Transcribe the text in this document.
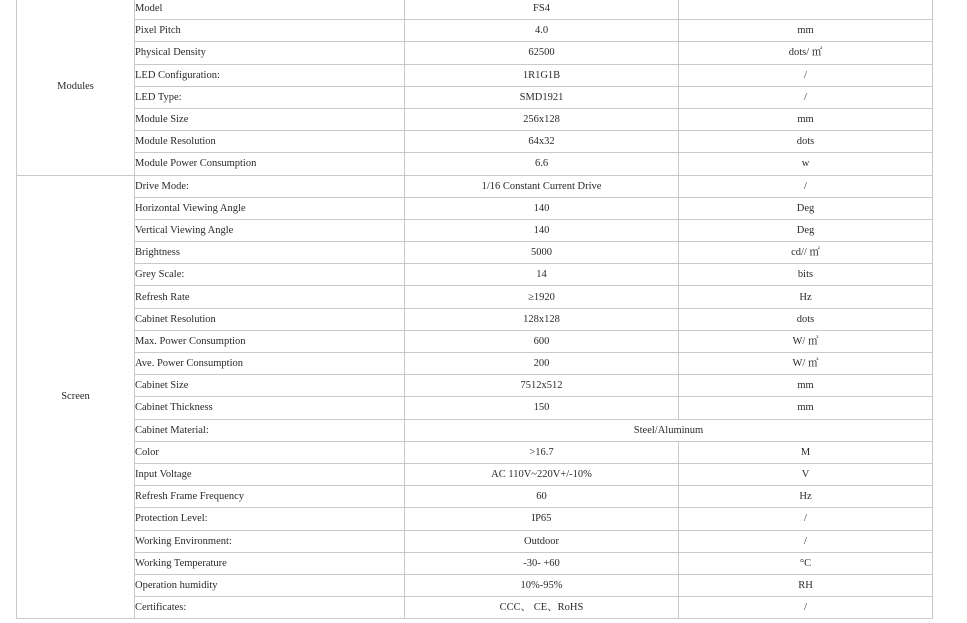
Modules	Model	FS4	
	Pixel Pitch	4.0	mm
	Physical Density	62500	dots/ ㎡
	LED Configuration:	1R1G1B	/
	LED Type:	SMD1921	/
	Module Size	256x128	mm
	Module Resolution	64x32	dots
	Module Power Consumption	6.6	w
Screen	Drive Mode:	1/16 Constant Current Drive	/
	Horizontal Viewing Angle	140	Deg
	Vertical Viewing Angle	140	Deg
	Brightness	5000	cd// ㎡
	Grey Scale:	14	bits
	Refresh Rate	≥1920	Hz
	Cabinet Resolution	128x128	dots
	Max. Power Consumption	600	W/ ㎡
	Ave. Power Consumption	200	W/ ㎡
	Cabinet Size	7512x512	mm
	Cabinet Thickness	150	mm
	Cabinet Material:	Steel/Aluminum	
	Color	>16.7	M
	Input Voltage	AC 110V~220V+/-10%	V
	Refresh Frame Frequency	60	Hz
	Protection Level:	IP65	/
	Working Environment:	Outdoor	/
	Working Temperature	-30- +60	°C
	Operation humidity	10%-95%	RH
	Certificates:	CCC、 CE、RoHS	/
